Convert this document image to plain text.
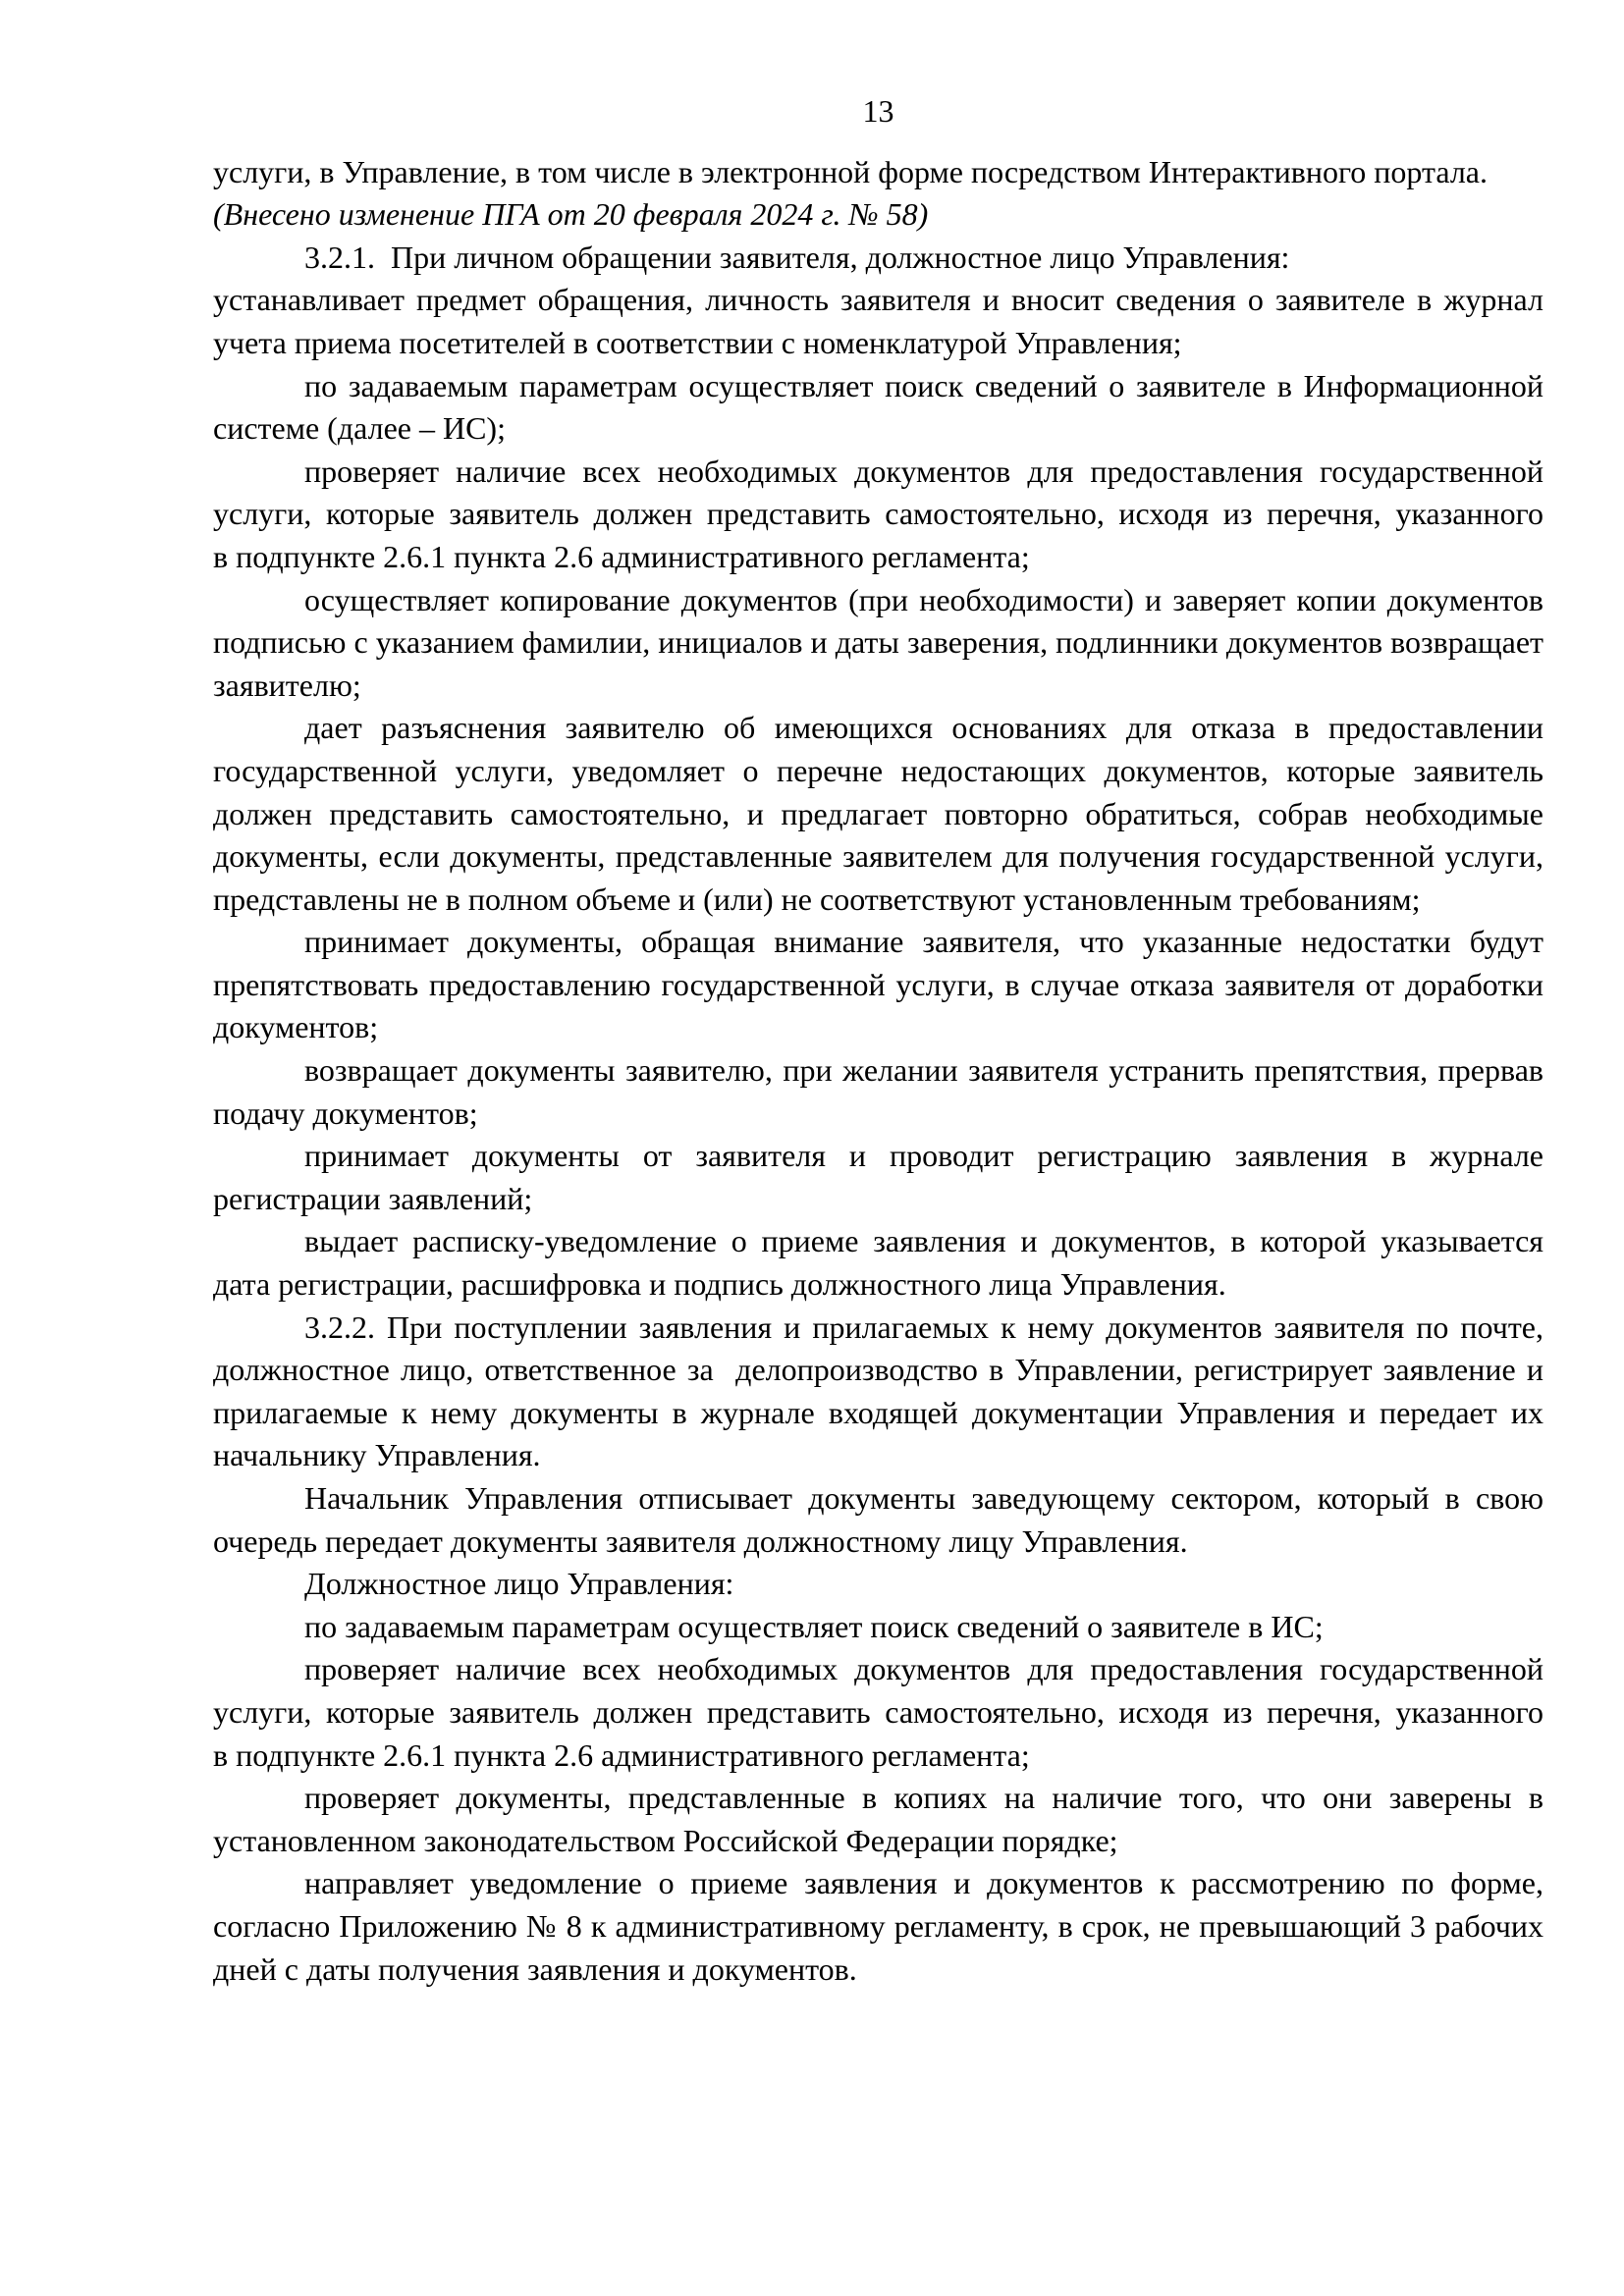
13

услуги, в Управление, в том числе в электронной форме посредством Интерактивного портала.

(Внесено изменение ПГА от 20 февраля 2024 г. № 58)

3.2.1.  При личном обращении заявителя, должностное лицо Управления:

устанавливает предмет обращения, личность заявителя и вносит сведения о заявителе в журнал учета приема посетителей в соответствии с номенклатурой Управления;

по задаваемым параметрам осуществляет поиск сведений о заявителе в Информационной системе (далее – ИС);

проверяет наличие всех необходимых документов для предоставления государственной услуги, которые заявитель должен представить самостоятельно, исходя из перечня, указанного в подпункте 2.6.1 пункта 2.6 административного регламента;

осуществляет копирование документов (при необходимости) и заверяет копии документов подписью с указанием фамилии, инициалов и даты заверения, подлинники документов возвращает заявителю;

дает разъяснения заявителю об имеющихся основаниях для отказа в предоставлении государственной услуги, уведомляет о перечне недостающих документов, которые заявитель должен представить самостоятельно, и предлагает повторно обратиться, собрав необходимые документы, если документы, представленные заявителем для получения государственной услуги, представлены не в полном объеме и (или) не соответствуют установленным требованиям;

принимает документы, обращая внимание заявителя, что указанные недостатки будут препятствовать предоставлению государственной услуги, в случае отказа заявителя от доработки документов;

возвращает документы заявителю, при желании заявителя устранить препятствия, прервав подачу документов;

принимает документы от заявителя и проводит регистрацию заявления в журнале регистрации заявлений;

выдает расписку-уведомление о приеме заявления и документов, в которой указывается дата регистрации, расшифровка и подпись должностного лица Управления.

3.2.2. При поступлении заявления и прилагаемых к нему документов заявителя по почте, должностное лицо, ответственное за  делопроизводство в Управлении, регистрирует заявление и прилагаемые к нему документы в журнале входящей документации Управления и передает их начальнику Управления.

Начальник Управления отписывает документы заведующему сектором, который в свою очередь передает документы заявителя должностному лицу Управления.

Должностное лицо Управления:

по задаваемым параметрам осуществляет поиск сведений о заявителе в ИС;

проверяет наличие всех необходимых документов для предоставления государственной услуги, которые заявитель должен представить самостоятельно, исходя из перечня, указанного в подпункте 2.6.1 пункта 2.6 административного регламента;

проверяет документы, представленные в копиях на наличие того, что они заверены в установленном законодательством Российской Федерации порядке;

направляет уведомление о приеме заявления и документов к рассмотрению по форме, согласно Приложению № 8 к административному регламенту, в срок, не превышающий 3 рабочих дней с даты получения заявления и документов.
